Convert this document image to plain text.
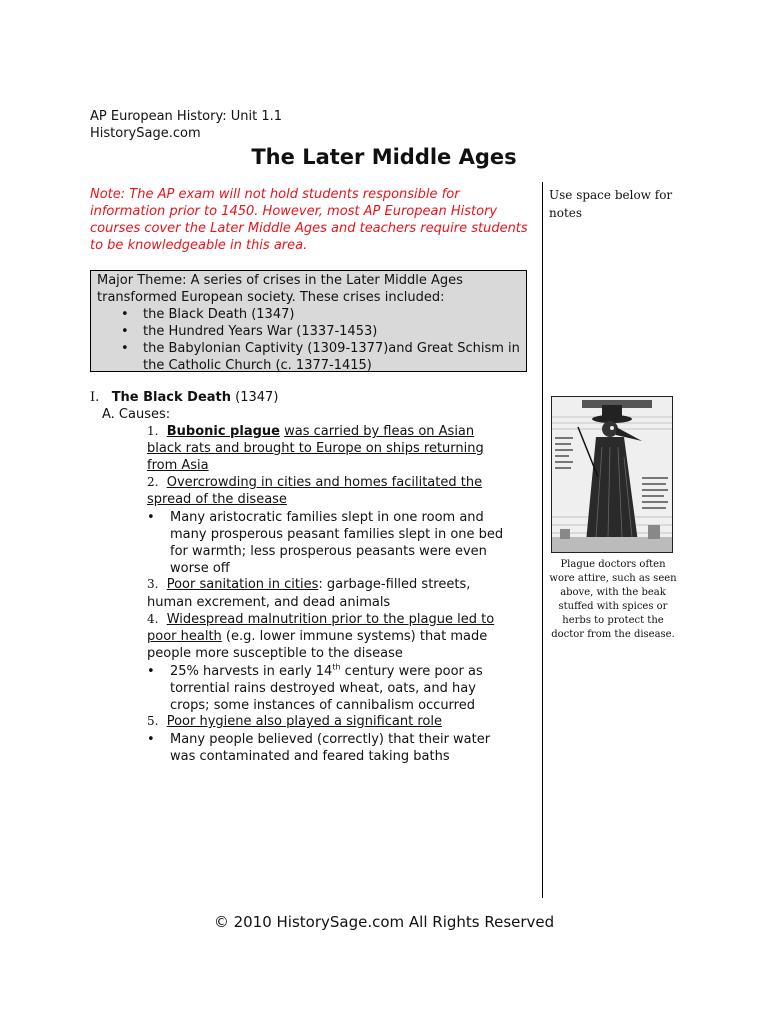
AP European History: Unit 1.1
HistorySage.com
The Later Middle Ages
Use space below for notes
Note: The AP exam will not hold students responsible for information prior to 1450. However, most AP European History courses cover the Later Middle Ages and teachers require students to be knowledgeable in this area.
Major Theme: A series of crises in the Later Middle Ages
transformed European society. These crises included:
• the Black Death (1347)
• the Hundred Years War (1337-1453)
• the Babylonian Captivity (1309-1377)and Great Schism in the Catholic Church (c. 1377-1415)
I. The Black Death (1347)
A. Causes:
1. Bubonic plague was carried by fleas on Asian
black rats and brought to Europe on ships returning
from Asia
2. Overcrowding in cities and homes facilitated the
spread of the disease
• Many aristocratic families slept in one room and
many prosperous peasant families slept in one bed
for warmth; less prosperous peasants were even
worse off
3. Poor sanitation in cities: garbage-filled streets,
human excrement, and dead animals
4. Widespread malnutrition prior to the plague led to
poor health (e.g. lower immune systems) that made
people more susceptible to the disease
• 25% harvests in early 14th century were poor as
torrential rains destroyed wheat, oats, and hay
crops; some instances of cannibalism occurred
5. Poor hygiene also played a significant role
• Many people believed (correctly) that their water
was contaminated and feared taking baths
Plague doctors often wore attire, such as seen above, with the beak stuffed with spices or herbs to protect the doctor from the disease.
© 2010 HistorySage.com All Rights Reserved
